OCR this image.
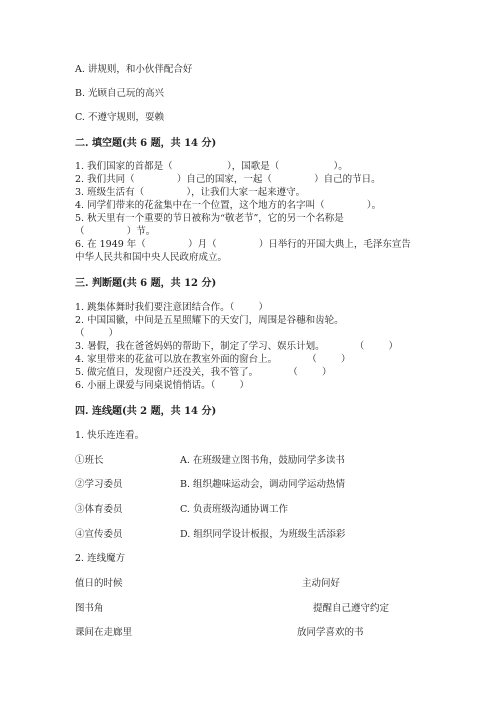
A. 讲规则，和小伙伴配合好
B. 光顾自己玩的高兴
C. 不遵守规则，耍赖
二. 填空题(共 6 题，共 14 分)
1. 我们国家的首都是（                  ），国歌是（                  ）。
2. 我们共同（              ）自己的国家，一起（              ）自己的节日。
3. 班级生活有（              ），让我们大家一起来遵守。
4. 同学们带来的花盆集中在一个位置，这个地方的名字叫（              ）。
5. 秋天里有一个重要的节日被称为“敬老节”，它的另一个名称是
（              ）节。
6. 在 1949 年（              ）月（              ）日举行的开国大典上，毛泽东宣告
中华人民共和国中央人民政府成立。
三. 判断题(共 6 题，共 12 分)
1. 跳集体舞时我们要注意团结合作。（        ）
2. 中国国徽，中间是五星照耀下的天安门，周围是谷穗和齿轮。
（        ）
3. 暑假，我在爸爸妈妈的帮助下，制定了学习、娱乐计划。          （        ）
4. 家里带来的花盆可以放在教室外面的窗台上。          （        ）
5. 做完值日，发现窗户还没关，我不管了。          （        ）
6. 小丽上课爱与同桌说悄悄话。（        ）
四. 连线题(共 2 题，共 14 分)
1. 快乐连连看。
①班长	A. 在班级建立图书角，鼓励同学多读书
②学习委员	B. 组织趣味运动会，调动同学运动热情
③体育委员	C. 负责班级沟通协调工作
④宣传委员	D. 组织同学设计板报，为班级生活添彩
2. 连线魔方
值日的时候	主动问好
图书角	提醒自己遵守约定
课间在走廊里	放同学喜欢的书
